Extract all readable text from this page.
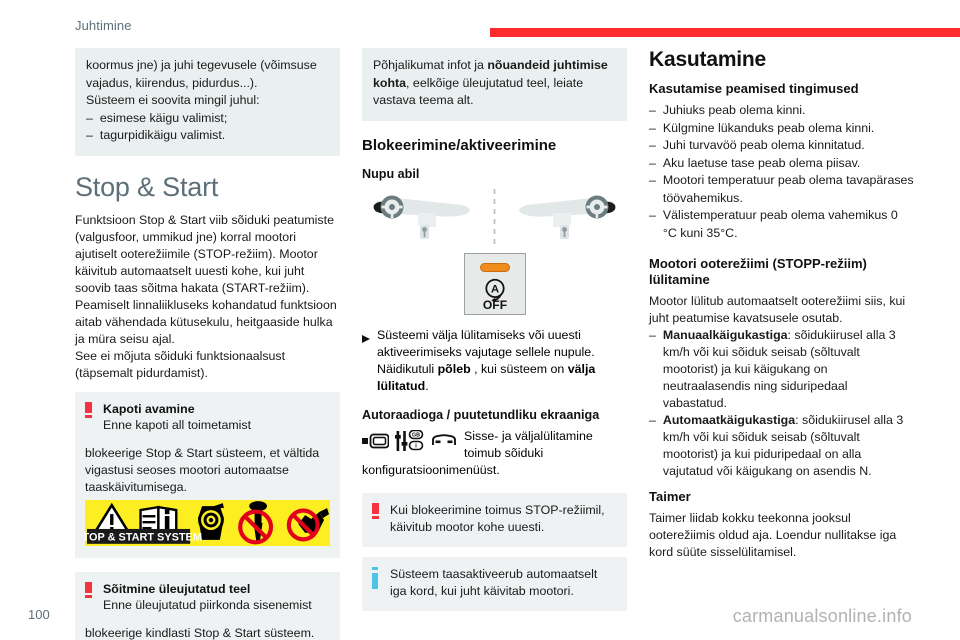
Juhtimine

koormus jne) ja juhi tegevusele (võimsuse vajadus, kiirendus, pidurdus...).

Süsteem ei soovita mingil juhul:

– esimese käigu valimist;
– tagurpidikäigu valimist.
Stop & Start

Funktsioon Stop & Start viib sõiduki peatumiste (valgusfoor, ummikud jne) korral mootori ajutiselt ooterežiimile (STOP-režiim). Mootor käivitub automaatselt uuesti kohe, kui juht soovib taas sõitma hakata (START-režiim).

Peamiselt linnaliikluseks kohandatud funktsioon aitab vähendada kütusekulu, heitgaaside hulka ja müra seisu ajal.

See ei mõjuta sõiduki funktsionaalsust (täpsemalt pidurdamist).

Kapoti avamine
Enne kapoti all toimetamist
blokeerige Stop & Start süsteem, et vältida vigastusi seoses mootori automaatse taaskäivitumisega.
STOP & START SYSTEM
Sõitmine üleujutatud teel
Enne üleujutatud piirkonda sisenemist
blokeerige kindlasti Stop & Start süsteem.

Põhjalikumat infot ja nõuandeid juhtimise kohta, eelkõige üleujutatud teel, leiate vastava teema alt.

Blokeerimine/aktiveerimine
Nupu abil
A
OFF
Süsteemi välja lülitamiseks või uuesti aktiveerimiseks vajutage sellele nupule. Näidikutuli põleb , kui süsteem on välja lülitatud.
Autoraadioga / puutetundliku ekraaniga
GB
I
Sisse- ja väljalülitamine toimub sõiduki
konfiguratsioonimenüüst.
Kui blokeerimine toimus STOP-režiimil, käivitub mootor kohe uuesti.
Süsteem taasaktiveerub automaatselt iga kord, kui juht käivitab mootori.
Kasutamine
Kasutamise peamised tingimused
– Juhiuks peab olema kinni.
– Külgmine lükanduks peab olema kinni.
– Juhi turvavöö peab olema kinnitatud.
– Aku laetuse tase peab olema piisav.
– Mootori temperatuur peab olema tavapärases töövahemikus.
– Välistemperatuur peab olema vahemikus 0 °C kuni 35°C.
Mootori ooterežiimi (STOPP-režiim) lülitamine

Mootor lülitub automaatselt ooterežiimi siis, kui juht peatumise kavatsusele osutab.

– Manuaalkäigukastiga: sõidukiirusel alla 3 km/h või kui sõiduk seisab (sõltuvalt mootorist) ja kui käigukang on neutraalasendis ning siduripedaal vabastatud.
– Automaatkäigukastiga: sõidukiirusel alla 3 km/h või kui sõiduk seisab (sõltuvalt mootorist) ja kui piduripedaal on alla vajutatud või käigukang on asendis N.
Taimer

Taimer liidab kokku teekonna jooksul ooterežiimis oldud aja. Loendur nullitakse iga kord süüte sisselülitamisel.

100	carmanualsonline.info
